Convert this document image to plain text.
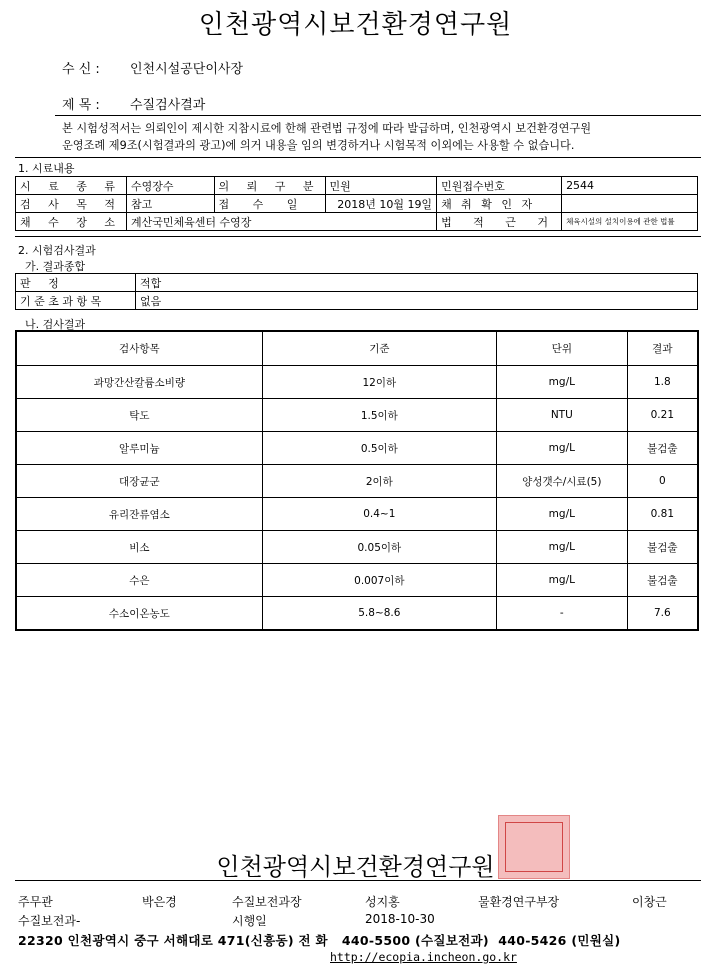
인천광역시보건환경연구원
수 신 : 인천시설공단이사장
제 목 : 수질검사결과
본 시험성적서는 의뢰인이 제시한 지참시료에 한해 관련법 규정에 따라 발급하며, 인천광역시 보건환경연구원
운영조례 제9조(시험결과의 광고)에 의거 내용을 임의 변경하거나 시험목적 이외에는 사용할 수 없습니다.
1. 시료내용
시 료 종 류	수영장수	의 뢰 구 분	민원	민원접수번호	2544
검 사 목 적	참고	접 수 일	2018년 10월 19일	채 취 확 인 자	
채 수 장 소	계산국민체육센터 수영장			법 적 근 거	체육시설의 설치이용에 관한 법률
2. 시험검사결과
가. 결과종합
판     정	적합
기 준 초 과 항 목	없음
나. 검사결과
검사항목	기준	단위	결과
과망간산칼륨소비량	12이하	mg/L	1.8
탁도	1.5이하	NTU	0.21
알루미늄	0.5이하	mg/L	불검출
대장균군	2이하	양성갯수/시료(5)	0
유리잔류염소	0.4~1	mg/L	0.81
비소	0.05이하	mg/L	불검출
수은	0.007이하	mg/L	불검출
수소이온농도	5.8~8.6	-	7.6
인천광역시보건환경연구원
주무관	박은경	수질보전과장	성지홍	물환경연구부장	이창근
수질보전과-	시행일	2018-10-30
22320 인천광역시 중구 서해대로 471(신흥동) 전 화   440-5500 (수질보전과)  440-5426 (민원실)
http://ecopia.incheon.go.kr
